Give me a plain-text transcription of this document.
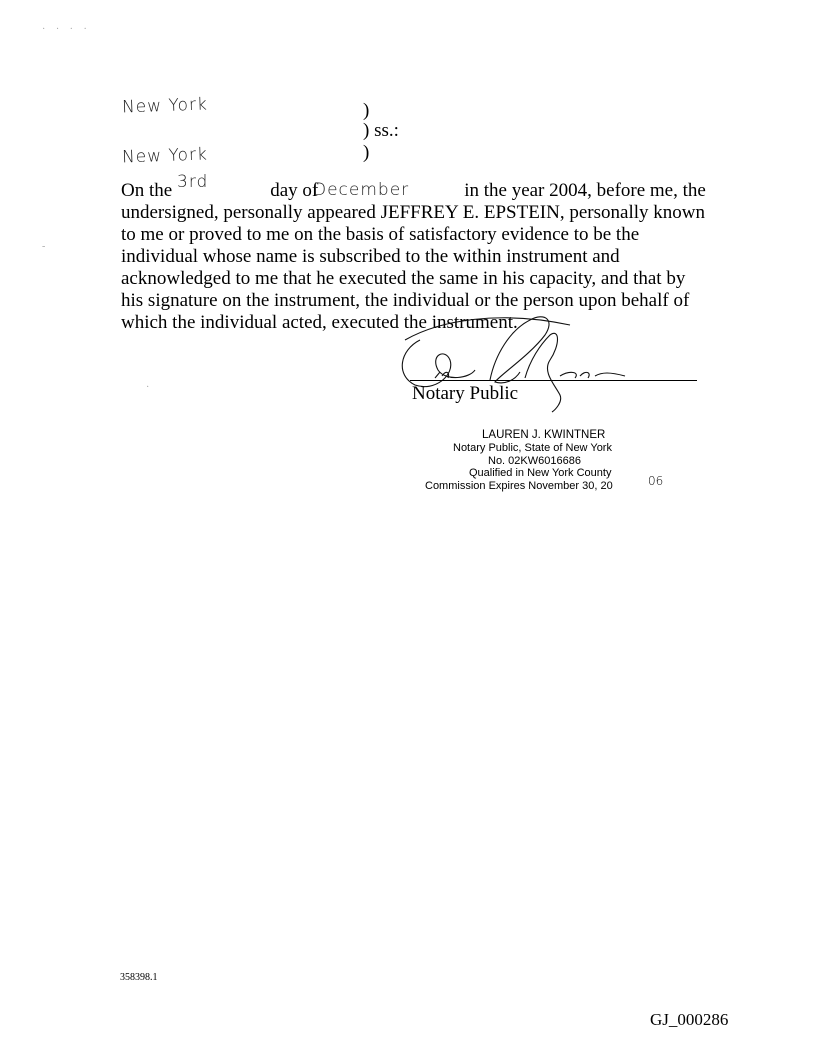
· · · ·
-
·
New York
New York
)
) ss.:
)
On the	day of	in the year 2004, before me, the
3rd	December
undersigned, personally appeared JEFFREY E. EPSTEIN, personally known
to me or proved to me on the basis of satisfactory evidence to be the
individual whose name is subscribed to the within instrument and
acknowledged to me that he executed the same in his capacity, and that by
his signature on the instrument, the individual or the person upon behalf of
which the individual acted, executed the instrument.
Notary Public
LAUREN J. KWINTNER
Notary Public, State of New York
No. 02KW6016686
Qualified in New York County
Commission Expires November 30, 20	06
358398.1
GJ_000286
